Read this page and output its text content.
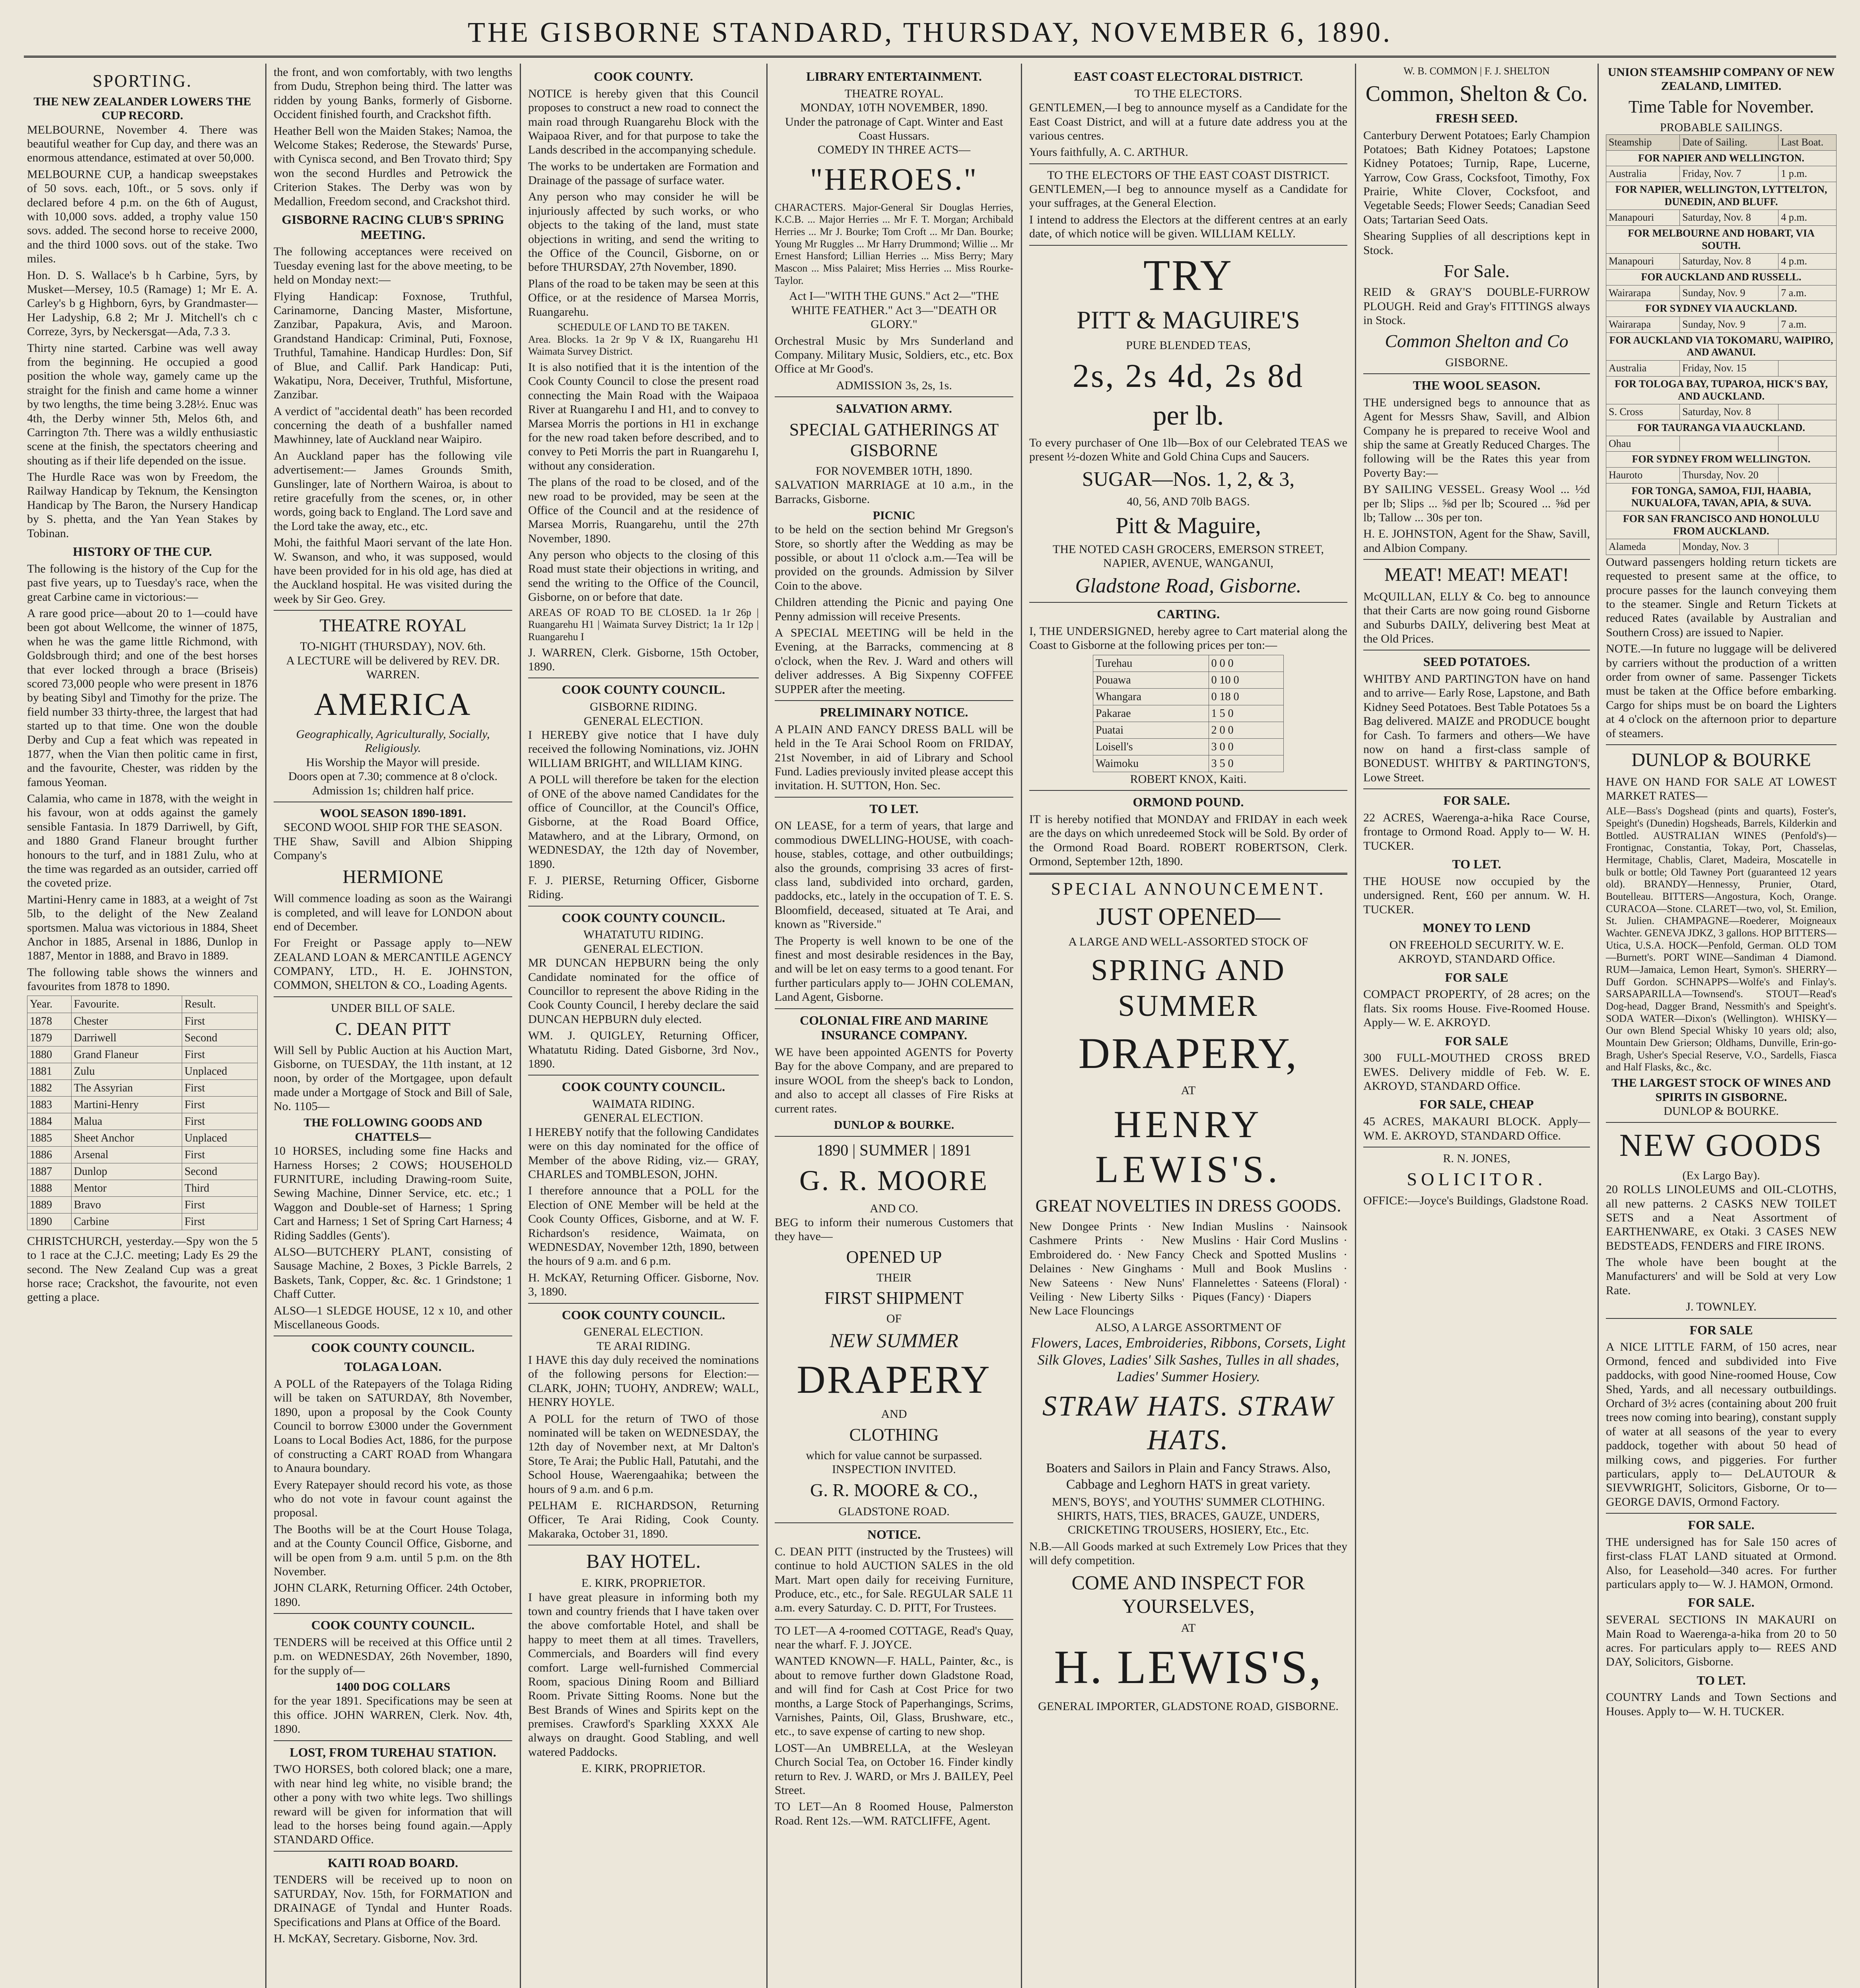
THE GISBORNE STANDARD, THURSDAY, NOVEMBER 6, 1890.
SPORTING.
THE NEW ZEALANDER LOWERS THE CUP RECORD.

MELBOURNE, November 4. There was beautiful weather for Cup day, and there was an enormous attendance, estimated at over 50,000.

MELBOURNE CUP, a handicap sweepstakes of 50 sovs. each, 10ft., or 5 sovs. only if declared before 4 p.m. on the 6th of August, with 10,000 sovs. added, a trophy value 150 sovs. added. The second horse to receive 2000, and the third 1000 sovs. out of the stake. Two miles.

Hon. D. S. Wallace's b h Carbine, 5yrs, by Musket—Mersey, 10.5 (Ramage) 1; Mr E. A. Carley's b g Highborn, 6yrs, by Grandmaster—Her Ladyship, 6.8 2; Mr J. Mitchell's ch c Correze, 3yrs, by Neckersgat—Ada, 7.3 3.

Thirty nine started. Carbine was well away from the beginning. He occupied a good position the whole way, gamely came up the straight for the finish and came home a winner by two lengths, the time being 3.28½. Enuc was 4th, the Derby winner 5th, Melos 6th, and Carrington 7th. There was a wildly enthusiastic scene at the finish, the spectators cheering and shouting as if their life depended on the issue.

The Hurdle Race was won by Freedom, the Railway Handicap by Teknum, the Kensington Handicap by The Baron, the Nursery Handicap by S. phetta, and the Yan Yean Stakes by Tobinan.

HISTORY OF THE CUP.

The following is the history of the Cup for the past five years, up to Tuesday's race, when the great Carbine came in victorious:—

A rare good price—about 20 to 1—could have been got about Wellcome, the winner of 1875, when he was the game little Richmond, with Goldsbrough third; and one of the best horses that ever locked through a brace (Briseis) scored 73,000 people who were present in 1876 by beating Sibyl and Timothy for the prize. The field number 33 thirty-three, the largest that had started up to that time. One won the double Derby and Cup a feat which was repeated in 1877, when the Vian then politic came in first, and the favourite, Chester, was ridden by the famous Yeoman.

Calamia, who came in 1878, with the weight in his favour, won at odds against the gamely sensible Fantasia. In 1879 Darriwell, by Gift, and 1880 Grand Flaneur brought further honours to the turf, and in 1881 Zulu, who at the time was regarded as an outsider, carried off the coveted prize.

Martini-Henry came in 1883, at a weight of 7st 5lb, to the delight of the New Zealand sportsmen. Malua was victorious in 1884, Sheet Anchor in 1885, Arsenal in 1886, Dunlop in 1887, Mentor in 1888, and Bravo in 1889.

The following table shows the winners and favourites from 1878 to 1890.

Year.	Favourite.	Result.
1878	Chester	First
1879	Darriwell	Second
1880	Grand Flaneur	First
1881	Zulu	Unplaced
1882	The Assyrian	First
1883	Martini-Henry	First
1884	Malua	First
1885	Sheet Anchor	Unplaced
1886	Arsenal	First
1887	Dunlop	Second
1888	Mentor	Third
1889	Bravo	First
1890	Carbine	First

CHRISTCHURCH, yesterday.—Spy won the 5 to 1 race at the C.J.C. meeting; Lady Es 29 the second. The New Zealand Cup was a great horse race; Crackshot, the favourite, not even getting a place.

the front, and won comfortably, with two lengths from Dudu, Strephon being third. The latter was ridden by young Banks, formerly of Gisborne. Occident finished fourth, and Crackshot fifth.

Heather Bell won the Maiden Stakes; Namoa, the Welcome Stakes; Rederose, the Stewards' Purse, with Cynisca second, and Ben Trovato third; Spy won the second Hurdles and Petrowick the Criterion Stakes. The Derby was won by Medallion, Freedom second, and Crackshot third.

GISBORNE RACING CLUB'S SPRING MEETING.

The following acceptances were received on Tuesday evening last for the above meeting, to be held on Monday next:—

Flying Handicap: Foxnose, Truthful, Carinamorne, Dancing Master, Misfortune, Zanzibar, Papakura, Avis, and Maroon. Grandstand Handicap: Criminal, Puti, Foxnose, Truthful, Tamahine. Handicap Hurdles: Don, Sif of Blue, and Callif. Park Handicap: Puti, Wakatipu, Nora, Deceiver, Truthful, Misfortune, Zanzibar.

A verdict of "accidental death" has been recorded concerning the death of a bushfaller named Mawhinney, late of Auckland near Waipiro.

An Auckland paper has the following vile advertisement:— James Grounds Smith, Gunslinger, late of Northern Wairoa, is about to retire gracefully from the scenes, or, in other words, going back to England. The Lord save and the Lord take the away, etc., etc.

Mohi, the faithful Maori servant of the late Hon. W. Swanson, and who, it was supposed, would have been provided for in his old age, has died at the Auckland hospital. He was visited during the week by Sir Geo. Grey.

THEATRE ROYAL
TO-NIGHT (THURSDAY), NOV. 6th.
A LECTURE will be delivered by REV. DR. WARREN.
AMERICA
Geographically, Agriculturally, Socially, Religiously.
His Worship the Mayor will preside.
Doors open at 7.30; commence at 8 o'clock. Admission 1s; children half price.
WOOL SEASON 1890-1891.
SECOND WOOL SHIP FOR THE SEASON.

THE Shaw, Savill and Albion Shipping Company's

HERMIONE

Will commence loading as soon as the Wairangi is completed, and will leave for LONDON about end of December.

For Freight or Passage apply to—NEW ZEALAND LOAN & MERCANTILE AGENCY COMPANY, LTD., H. E. JOHNSTON, COMMON, SHELTON & CO., Loading Agents.

UNDER BILL OF SALE.
C. DEAN PITT

Will Sell by Public Auction at his Auction Mart, Gisborne, on TUESDAY, the 11th instant, at 12 noon, by order of the Mortgagee, upon default made under a Mortgage of Stock and Bill of Sale, No. 1105—

THE FOLLOWING GOODS AND CHATTELS—

10 HORSES, including some fine Hacks and Harness Horses; 2 COWS; HOUSEHOLD FURNITURE, including Drawing-room Suite, Sewing Machine, Dinner Service, etc. etc.; 1 Waggon and Double-set of Harness; 1 Spring Cart and Harness; 1 Set of Spring Cart Harness; 4 Riding Saddles (Gents').

ALSO—BUTCHERY PLANT, consisting of Sausage Machine, 2 Boxes, 3 Pickle Barrels, 2 Baskets, Tank, Copper, &c. &c. 1 Grindstone; 1 Chaff Cutter.

ALSO—1 SLEDGE HOUSE, 12 x 10, and other Miscellaneous Goods.

COOK COUNTY COUNCIL.
TOLAGA LOAN.

A POLL of the Ratepayers of the Tolaga Riding will be taken on SATURDAY, 8th November, 1890, upon a proposal by the Cook County Council to borrow £3000 under the Government Loans to Local Bodies Act, 1886, for the purpose of constructing a CART ROAD from Whangara to Anaura boundary.

Every Ratepayer should record his vote, as those who do not vote in favour count against the proposal.

The Booths will be at the Court House Tolaga, and at the County Council Office, Gisborne, and will be open from 9 a.m. until 5 p.m. on the 8th November.

JOHN CLARK, Returning Officer. 24th October, 1890.

COOK COUNTY COUNCIL.

TENDERS will be received at this Office until 2 p.m. on WEDNESDAY, 26th November, 1890, for the supply of—

1400 DOG COLLARS

for the year 1891. Specifications may be seen at this office. JOHN WARREN, Clerk. Nov. 4th, 1890.

LOST, FROM TUREHAU STATION.

TWO HORSES, both colored black; one a mare, with near hind leg white, no visible brand; the other a pony with two white legs. Two shillings reward will be given for information that will lead to the horses being found again.—Apply STANDARD Office.

KAITI ROAD BOARD.

TENDERS will be received up to noon on SATURDAY, Nov. 15th, for FORMATION and DRAINAGE of Tyndal and Hunter Roads. Specifications and Plans at Office of the Board.

H. McKAY, Secretary. Gisborne, Nov. 3rd.

COOK COUNTY.

NOTICE is hereby given that this Council proposes to construct a new road to connect the main road through Ruangarehu Block with the Waipaoa River, and for that purpose to take the Lands described in the accompanying schedule.

The works to be undertaken are Formation and Drainage of the passage of surface water.

Any person who may consider he will be injuriously affected by such works, or who objects to the taking of the land, must state objections in writing, and send the writing to the Office of the Council, Gisborne, on or before THURSDAY, 27th November, 1890.

Plans of the road to be taken may be seen at this Office, or at the residence of Marsea Morris, Ruangarehu.

SCHEDULE OF LAND TO BE TAKEN.

Area. Blocks. 1a 2r 9p V & IX, Ruangarehu H1 Waimata Survey District.

It is also notified that it is the intention of the Cook County Council to close the present road connecting the Main Road with the Waipaoa River at Ruangarehu I and H1, and to convey to Marsea Morris the portions in H1 in exchange for the new road taken before described, and to convey to Peti Morris the part in Ruangarehu I, without any consideration.

The plans of the road to be closed, and of the new road to be provided, may be seen at the Office of the Council and at the residence of Marsea Morris, Ruangarehu, until the 27th November, 1890.

Any person who objects to the closing of this Road must state their objections in writing, and send the writing to the Office of the Council, Gisborne, on or before that date.

AREAS OF ROAD TO BE CLOSED. 1a 1r 26p | Ruangarehu H1 | Waimata Survey District; 1a 1r 12p | Ruangarehu I

J. WARREN, Clerk. Gisborne, 15th October, 1890.

COOK COUNTY COUNCIL.
GISBORNE RIDING.
GENERAL ELECTION.

I HEREBY give notice that I have duly received the following Nominations, viz. JOHN WILLIAM BRIGHT, and WILLIAM KING.

A POLL will therefore be taken for the election of ONE of the above named Candidates for the office of Councillor, at the Council's Office, Gisborne, at the Road Board Office, Matawhero, and at the Library, Ormond, on WEDNESDAY, the 12th day of November, 1890.

F. J. PIERSE, Returning Officer, Gisborne Riding.

COOK COUNTY COUNCIL.
WHATATUTU RIDING.
GENERAL ELECTION.

MR DUNCAN HEPBURN being the only Candidate nominated for the office of Councillor to represent the above Riding in the Cook County Council, I hereby declare the said DUNCAN HEPBURN duly elected.

WM. J. QUIGLEY, Returning Officer, Whatatutu Riding. Dated Gisborne, 3rd Nov., 1890.

COOK COUNTY COUNCIL.
WAIMATA RIDING.
GENERAL ELECTION.

I HEREBY notify that the following Candidates were on this day nominated for the office of Member of the above Riding, viz.— GRAY, CHARLES and TOMBLESON, JOHN.

I therefore announce that a POLL for the Election of ONE Member will be held at the Cook County Offices, Gisborne, and at W. F. Richardson's residence, Waimata, on WEDNESDAY, November 12th, 1890, between the hours of 9 a.m. and 6 p.m.

H. McKAY, Returning Officer. Gisborne, Nov. 3, 1890.

COOK COUNTY COUNCIL.
GENERAL ELECTION.
TE ARAI RIDING.

I HAVE this day duly received the nominations of the following persons for Election:— CLARK, JOHN; TUOHY, ANDREW; WALL, HENRY HOYLE.

A POLL for the return of TWO of those nominated will be taken on WEDNESDAY, the 12th day of November next, at Mr Dalton's Store, Te Arai; the Public Hall, Patutahi, and the School House, Waerengaahika; between the hours of 9 a.m. and 6 p.m.

PELHAM E. RICHARDSON, Returning Officer, Te Arai Riding, Cook County. Makaraka, October 31, 1890.

BAY HOTEL.
E. KIRK, PROPRIETOR.

I have great pleasure in informing both my town and country friends that I have taken over the above comfortable Hotel, and shall be happy to meet them at all times. Travellers, Commercials, and Boarders will find every comfort. Large well-furnished Commercial Room, spacious Dining Room and Billiard Room. Private Sitting Rooms. None but the Best Brands of Wines and Spirits kept on the premises. Crawford's Sparkling XXXX Ale always on draught. Good Stabling, and well watered Paddocks.

E. KIRK, PROPRIETOR.
LIBRARY ENTERTAINMENT.
THEATRE ROYAL.
MONDAY, 10TH NOVEMBER, 1890.
Under the patronage of Capt. Winter and East Coast Hussars.
COMEDY IN THREE ACTS—
"HEROES."

CHARACTERS. Major-General Sir Douglas Herries, K.C.B. ... Major Herries ... Mr F. T. Morgan; Archibald Herries ... Mr J. Bourke; Tom Croft ... Mr Dan. Bourke; Young Mr Ruggles ... Mr Harry Drummond; Willie ... Mr Ernest Hansford; Lillian Herries ... Miss Berry; Mary Mascon ... Miss Palairet; Miss Herries ... Miss Rourke-Taylor.

Act I—"WITH THE GUNS." Act 2—"THE WHITE FEATHER." Act 3—"DEATH OR GLORY."

Orchestral Music by Mrs Sunderland and Company. Military Music, Soldiers, etc., etc. Box Office at Mr Good's.

ADMISSION 3s, 2s, 1s.
SALVATION ARMY.
SPECIAL GATHERINGS AT GISBORNE
FOR NOVEMBER 10TH, 1890.

SALVATION MARRIAGE at 10 a.m., in the Barracks, Gisborne.

PICNIC

to be held on the section behind Mr Gregson's Store, so shortly after the Wedding as may be possible, or about 11 o'clock a.m.—Tea will be provided on the grounds. Admission by Silver Coin to the above.

Children attending the Picnic and paying One Penny admission will receive Presents.

A SPECIAL MEETING will be held in the Evening, at the Barracks, commencing at 8 o'clock, when the Rev. J. Ward and others will deliver addresses. A Big Sixpenny COFFEE SUPPER after the meeting.

PRELIMINARY NOTICE.

A PLAIN AND FANCY DRESS BALL will be held in the Te Arai School Room on FRIDAY, 21st November, in aid of Library and School Fund. Ladies previously invited please accept this invitation. H. SUTTON, Hon. Sec.

TO LET.

ON LEASE, for a term of years, that large and commodious DWELLING-HOUSE, with coach-house, stables, cottage, and other outbuildings; also the grounds, comprising 33 acres of first-class land, subdivided into orchard, garden, paddocks, etc., lately in the occupation of T. E. S. Bloomfield, deceased, situated at Te Arai, and known as "Riverside."

The Property is well known to be one of the finest and most desirable residences in the Bay, and will be let on easy terms to a good tenant. For further particulars apply to— JOHN COLEMAN, Land Agent, Gisborne.

COLONIAL FIRE AND MARINE INSURANCE COMPANY.

WE have been appointed AGENTS for Poverty Bay for the above Company, and are prepared to insure WOOL from the sheep's back to London, and also to accept all classes of Fire Risks at current rates.

DUNLOP & BOURKE.
1890 | SUMMER | 1891
G. R. MOORE
AND CO.

BEG to inform their numerous Customers that they have—

OPENED UP
THEIR
FIRST SHIPMENT
OF
NEW SUMMER
DRAPERY
AND
CLOTHING
which for value cannot be surpassed.
INSPECTION INVITED.
G. R. MOORE & CO.,
GLADSTONE ROAD.
NOTICE.

C. DEAN PITT (instructed by the Trustees) will continue to hold AUCTION SALES in the old Mart. Mart open daily for receiving Furniture, Produce, etc., etc., for Sale. REGULAR SALE 11 a.m. every Saturday. C. D. PITT, For Trustees.

TO LET—A 4-roomed COTTAGE, Read's Quay, near the wharf. F. J. JOYCE.

WANTED KNOWN—F. HALL, Painter, &c., is about to remove further down Gladstone Road, and will find for Cash at Cost Price for two months, a Large Stock of Paperhangings, Scrims, Varnishes, Paints, Oil, Glass, Brushware, etc., etc., to save expense of carting to new shop.

LOST—An UMBRELLA, at the Wesleyan Church Social Tea, on October 16. Finder kindly return to Rev. J. WARD, or Mrs J. BAILEY, Peel Street.

TO LET—An 8 Roomed House, Palmerston Road. Rent 12s.—WM. RATCLIFFE, Agent.

EAST COAST ELECTORAL DISTRICT.
TO THE ELECTORS.

GENTLEMEN,—I beg to announce myself as a Candidate for the East Coast District, and will at a future date address you at the various centres.

Yours faithfully, A. C. ARTHUR.

TO THE ELECTORS OF THE EAST COAST DISTRICT.

GENTLEMEN,—I beg to announce myself as a Candidate for your suffrages, at the General Election.

I intend to address the Electors at the different centres at an early date, of which notice will be given. WILLIAM KELLY.

TRY
PITT & MAGUIRE'S
PURE BLENDED TEAS,
2s, 2s 4d, 2s 8d
per lb.

To every purchaser of One 1lb—Box of our Celebrated TEAS we present ½-dozen White and Gold China Cups and Saucers.

SUGAR—Nos. 1, 2, & 3,
40, 56, AND 70lb BAGS.
Pitt & Maguire,
THE NOTED CASH GROCERS, EMERSON STREET, NAPIER, AVENUE, WANGANUI,
Gladstone Road, Gisborne.
CARTING.

I, THE UNDERSIGNED, hereby agree to Cart material along the Coast to Gisborne at the following prices per ton:—

Turehau	0 0 0
Pouawa	0 10 0
Whangara	0 18 0
Pakarae	1 5 0
Puatai	2 0 0
Loisell's	3 0 0
Waimoku	3 5 0
ROBERT KNOX, Kaiti.
ORMOND POUND.

IT is hereby notified that MONDAY and FRIDAY in each week are the days on which unredeemed Stock will be Sold. By order of the Ormond Road Board. ROBERT ROBERTSON, Clerk. Ormond, September 12th, 1890.

SPECIAL ANNOUNCEMENT.
JUST OPENED—
A LARGE AND WELL-ASSORTED STOCK OF
SPRING AND SUMMER
DRAPERY,
AT
HENRY LEWIS'S.
GREAT NOVELTIES IN DRESS GOODS.

New Dongee Prints · New Cashmere Prints · New Embroidered do. · New Fancy Delaines · New Ginghams · New Sateens · New Nuns' Veiling · New Liberty Silks · New Lace Flouncings

Indian Muslins · Nainsook Muslins · Hair Cord Muslins · Check and Spotted Muslins · Mull and Book Muslins · Flannelettes · Sateens (Floral) · Piques (Fancy) · Diapers

ALSO, A LARGE ASSORTMENT OF

Flowers, Laces, Embroideries, Ribbons, Corsets, Light Silk Gloves, Ladies' Silk Sashes, Tulles in all shades, Ladies' Summer Hosiery.

STRAW HATS. STRAW HATS.

Boaters and Sailors in Plain and Fancy Straws. Also, Cabbage and Leghorn HATS in great variety.

MEN'S, BOYS', and YOUTHS' SUMMER CLOTHING. SHIRTS, HATS, TIES, BRACES, GAUZE, UNDERS, CRICKETING TROUSERS, HOSIERY, Etc., Etc.

N.B.—All Goods marked at such Extremely Low Prices that they will defy competition.

COME AND INSPECT FOR YOURSELVES,
AT
H. LEWIS'S,
GENERAL IMPORTER, GLADSTONE ROAD, GISBORNE.
W. B. COMMON | F. J. SHELTON
Common, Shelton & Co.
FRESH SEED.

Canterbury Derwent Potatoes; Early Champion Potatoes; Bath Kidney Potatoes; Lapstone Kidney Potatoes; Turnip, Rape, Lucerne, Yarrow, Cow Grass, Cocksfoot, Timothy, Fox Prairie, White Clover, Cocksfoot, and Vegetable Seeds; Flower Seeds; Canadian Seed Oats; Tartarian Seed Oats.

Shearing Supplies of all descriptions kept in Stock.

For Sale.

REID & GRAY'S DOUBLE-FURROW PLOUGH. Reid and Gray's FITTINGS always in Stock.

Common Shelton and Co
GISBORNE.
THE WOOL SEASON.

THE undersigned begs to announce that as Agent for Messrs Shaw, Savill, and Albion Company he is prepared to receive Wool and ship the same at Greatly Reduced Charges. The following will be the Rates this year from Poverty Bay:—

BY SAILING VESSEL. Greasy Wool ... ½d per lb; Slips ... ⅝d per lb; Scoured ... ⅝d per lb; Tallow ... 30s per ton.

H. E. JOHNSTON, Agent for the Shaw, Savill, and Albion Company.

MEAT! MEAT! MEAT!

McQUILLAN, ELLY & Co. beg to announce that their Carts are now going round Gisborne and Suburbs DAILY, delivering best Meat at the Old Prices.

SEED POTATOES.

WHITBY AND PARTINGTON have on hand and to arrive— Early Rose, Lapstone, and Bath Kidney Seed Potatoes. Best Table Potatoes 5s a Bag delivered. MAIZE and PRODUCE bought for Cash. To farmers and others—We have now on hand a first-class sample of BONEDUST. WHITBY & PARTINGTON'S, Lowe Street.

FOR SALE.

22 ACRES, Waerenga-a-hika Race Course, frontage to Ormond Road. Apply to— W. H. TUCKER.

TO LET.

THE HOUSE now occupied by the undersigned. Rent, £60 per annum. W. H. TUCKER.

MONEY TO LEND

ON FREEHOLD SECURITY. W. E. AKROYD, STANDARD Office.

FOR SALE

COMPACT PROPERTY, of 28 acres; on the flats. Six rooms House. Five-Roomed House. Apply— W. E. AKROYD.

FOR SALE

300 FULL-MOUTHED CROSS BRED EWES. Delivery middle of Feb. W. E. AKROYD, STANDARD Office.

FOR SALE, CHEAP

45 ACRES, MAKAURI BLOCK. Apply— WM. E. AKROYD, STANDARD Office.

R. N. JONES,
SOLICITOR.

OFFICE:—Joyce's Buildings, Gladstone Road.

UNION STEAMSHIP COMPANY OF NEW ZEALAND, LIMITED.
Time Table for November.
PROBABLE SAILINGS.
Steamship	Date of Sailing.	Last Boat.
FOR NAPIER AND WELLINGTON.		
Australia	Friday, Nov. 7	1 p.m.
FOR NAPIER, WELLINGTON, LYTTELTON, DUNEDIN, AND BLUFF.		
Manapouri	Saturday, Nov. 8	4 p.m.
FOR MELBOURNE AND HOBART, VIA SOUTH.		
Manapouri	Saturday, Nov. 8	4 p.m.
FOR AUCKLAND AND RUSSELL.		
Wairarapa	Sunday, Nov. 9	7 a.m.
FOR SYDNEY VIA AUCKLAND.		
Wairarapa	Sunday, Nov. 9	7 a.m.
FOR AUCKLAND VIA TOKOMARU, WAIPIRO, AND AWANUI.		
Australia	Friday, Nov. 15	
FOR TOLOGA BAY, TUPAROA, HICK'S BAY, AND AUCKLAND.		
S. Cross	Saturday, Nov. 8	
FOR TAURANGA VIA AUCKLAND.		
Ohau		
FOR SYDNEY FROM WELLINGTON.		
Hauroto	Thursday, Nov. 20	
FOR TONGA, SAMOA, FIJI, HAABIA, NUKUALOFA, TAVAN, APIA, & SUVA.		
FOR SAN FRANCISCO AND HONOLULU FROM AUCKLAND.		
Alameda	Monday, Nov. 3	

Outward passengers holding return tickets are requested to present same at the office, to procure passes for the launch conveying them to the steamer. Single and Return Tickets at reduced Rates (available by Australian and Southern Cross) are issued to Napier.

NOTE.—In future no luggage will be delivered by carriers without the production of a written order from owner of same. Passenger Tickets must be taken at the Office before embarking. Cargo for ships must be on board the Lighters at 4 o'clock on the afternoon prior to departure of steamers.

DUNLOP & BOURKE

HAVE ON HAND FOR SALE AT LOWEST MARKET RATES—

ALE—Bass's Dogshead (pints and quarts), Foster's, Speight's (Dunedin) Hogsheads, Barrels, Kilderkin and Bottled. AUSTRALIAN WINES (Penfold's)—Frontignac, Constantia, Tokay, Port, Chasselas, Hermitage, Chablis, Claret, Madeira, Moscatelle in bulk or bottle; Old Tawney Port (guaranteed 12 years old). BRANDY—Hennessy, Prunier, Otard, Boutelleau. BITTERS—Angostura, Koch, Orange. CURACOA—Stone. CLARET—two, vol, St. Emilion, St. Julien. CHAMPAGNE—Roederer, Moigneaux Wachter. GENEVA JDKZ, 3 gallons. HOP BITTERS—Utica, U.S.A. HOCK—Penfold, German. OLD TOM—Burnett's. PORT WINE—Sandiman 4 Diamond. RUM—Jamaica, Lemon Heart, Symon's. SHERRY—Duff Gordon. SCHNAPPS—Wolfe's and Finlay's. SARSAPARILLA—Townsend's. STOUT—Read's Dog-head, Dagger Brand, Nessmith's and Speight's. SODA WATER—Dixon's (Wellington). WHISKY—Our own Blend Special Whisky 10 years old; also, Mountain Dew Grierson; Oldhams, Dunville, Erin-go-Bragh, Usher's Special Reserve, V.O., Sardells, Fiasca and Half Flasks, &c., &c.

THE LARGEST STOCK OF WINES AND SPIRITS IN GISBORNE.
DUNLOP & BOURKE.
NEW GOODS
(Ex Largo Bay).

20 ROLLS LINOLEUMS and OIL-CLOTHS, all new patterns. 2 CASKS NEW TOILET SETS and a Neat Assortment of EARTHENWARE, ex Otaki. 3 CASES NEW BEDSTEADS, FENDERS and FIRE IRONS.

The whole have been bought at the Manufacturers' and will be Sold at very Low Rate.

J. TOWNLEY.
FOR SALE

A NICE LITTLE FARM, of 150 acres, near Ormond, fenced and subdivided into Five paddocks, with good Nine-roomed House, Cow Shed, Yards, and all necessary outbuildings. Orchard of 3½ acres (containing about 200 fruit trees now coming into bearing), constant supply of water at all seasons of the year to every paddock, together with about 50 head of milking cows, and piggeries. For further particulars, apply to— DeLAUTOUR & SIEVWRIGHT, Solicitors, Gisborne, Or to— GEORGE DAVIS, Ormond Factory.

FOR SALE.

THE undersigned has for Sale 150 acres of first-class FLAT LAND situated at Ormond. Also, for Leasehold—340 acres. For further particulars apply to— W. J. HAMON, Ormond.

FOR SALE.

SEVERAL SECTIONS IN MAKAURI on Main Road to Waerenga-a-hika from 20 to 50 acres. For particulars apply to— REES AND DAY, Solicitors, Gisborne.

TO LET.

COUNTRY Lands and Town Sections and Houses. Apply to— W. H. TUCKER.
